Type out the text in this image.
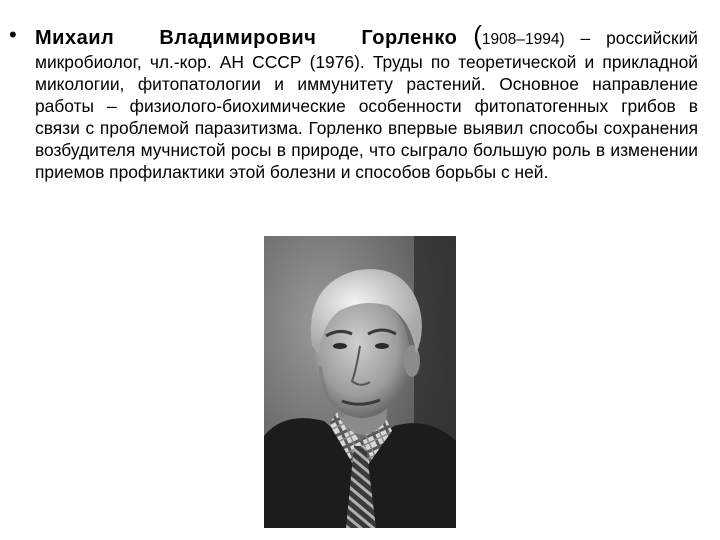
• Михаил Владимирович Горленко (1908–1994) – российский микробиолог, чл.-кор. АН СССР (1976). Труды по теоретической и прикладной микологии, фитопатологии и иммунитету растений. Основное направление работы – физиолого-биохимические особенности фитопатогенных грибов в связи с проблемой паразитизма. Горленко впервые выявил способы сохранения возбудителя мучнистой росы в природе, что сыграло большую роль в изменении приемов профилактики этой болезни и способов борьбы с ней.
